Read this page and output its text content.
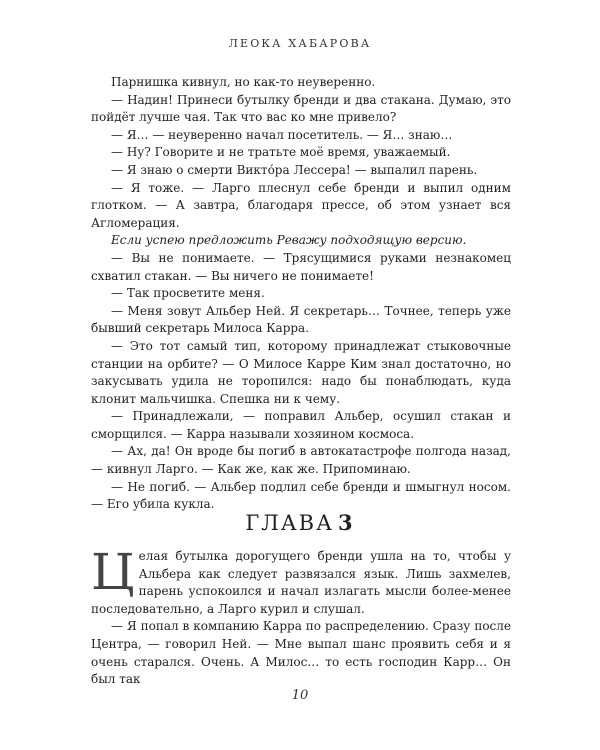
ЛЕОКА ХАБАРОВА

Парнишка кивнул, но как-то неуверенно.

— Надин! Принеси бутылку бренди и два стакана. Думаю, это пойдёт лучше чая. Так что вас ко мне привело?

— Я… — неуверенно начал посетитель. — Я… знаю…

— Ну? Говорите и не тратьте моё время, уважаемый.

— Я знаю о смерти Викто́ра Лессера! — выпалил парень.

— Я тоже. — Ларго плеснул себе бренди и выпил одним глотком. — А завтра, благодаря прессе, об этом узнает вся Агломерация.

Если успею предложить Реважу подходящую версию.

— Вы не понимаете. — Трясущимися руками незнакомец схватил стакан. — Вы ничего не понимаете!

— Так просветите меня.

— Меня зовут Альбер Ней. Я секретарь… Точнее, теперь уже бывший секретарь Милоса Карра.

— Это тот самый тип, которому принадлежат стыковочные станции на орбите? — О Милосе Карре Ким знал достаточно, но закусывать удила не торопился: надо бы понаблюдать, куда клонит мальчишка. Спешка ни к чему.

— Принадлежали, — поправил Альбер, осушил стакан и сморщился. — Карра называли хозяином космоса.

— Ах, да! Он вроде бы погиб в автокатастрофе полгода назад, — кивнул Ларго. — Как же, как же. Припоминаю.

— Не погиб. — Альбер подлил себе бренди и шмыгнул носом. — Его убила кукла.

ГЛАВА 3

Целая бутылка дорогущего бренди ушла на то, чтобы у Альбера как следует развязался язык. Лишь захмелев, парень успокоился и начал излагать мысли более-менее последовательно, а Ларго курил и слушал.

— Я попал в компанию Карра по распределению. Сразу после Центра, — говорил Ней. — Мне выпал шанс проявить себя и я очень старался. Очень. А Милос… то есть господин Карр… Он был так

10
